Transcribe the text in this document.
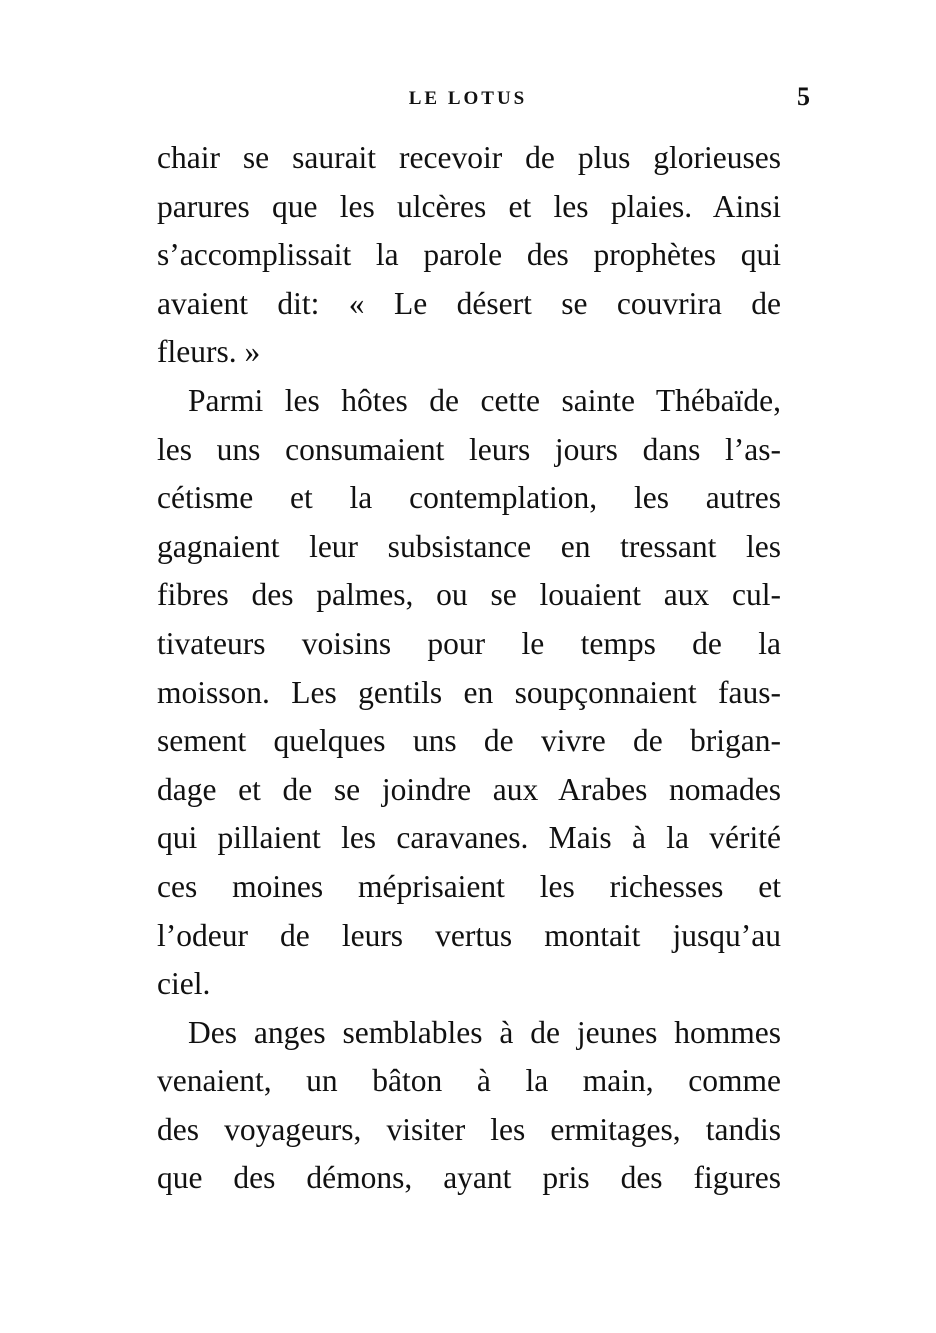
LE LOTUS	5
chair se saurait recevoir de plus glorieuses
parures que les ulcères et les plaies. Ainsi
s’accomplissait la parole des prophètes qui
avaient dit: « Le désert se couvrira de
fleurs. »
Parmi les hôtes de cette sainte Thébaïde,
les uns consumaient leurs jours dans l’as-
cétisme et la contemplation, les autres
gagnaient leur subsistance en tressant les
fibres des palmes, ou se louaient aux cul-
tivateurs voisins pour le temps de la
moisson. Les gentils en soupçonnaient faus-
sement quelques uns de vivre de brigan-
dage et de se joindre aux Arabes nomades
qui pillaient les caravanes. Mais à la vérité
ces moines méprisaient les richesses et
l’odeur de leurs vertus montait jusqu’au
ciel.
Des anges semblables à de jeunes hommes
venaient, un bâton à la main, comme
des voyageurs, visiter les ermitages, tandis
que des démons, ayant pris des figures
